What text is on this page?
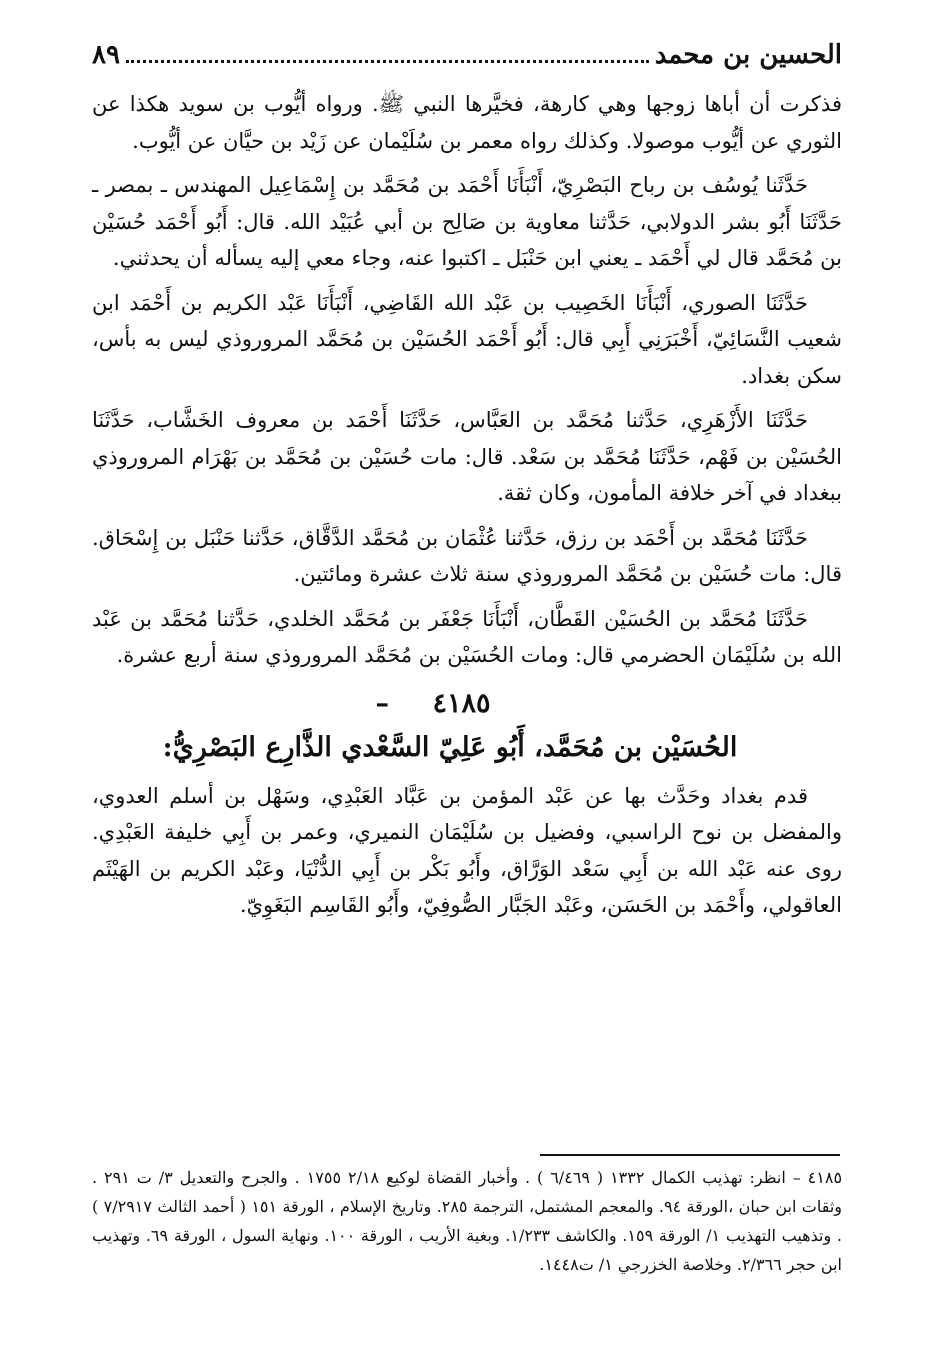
الحسين بن محمد
٨٩

فذكرت أن أباها زوجها وهي كارهة، فخيَّرها النبي ﷺ. ورواه أيُّوب بن سويد هكذا عن الثوري عن أيُّوب موصولا. وكذلك رواه معمر بن سُلَيْمان عن زَيْد بن حيَّان عن أيُّوب.

حَدَّثَنا يُوسُف بن رباح البَصْرِيّ، أَنْبَأَنَا أَحْمَد بن مُحَمَّد بن إِسْمَاعِيل المهندس ـ بمصر ـ حَدَّثَنَا أَبُو بشر الدولابي، حَدَّثنا معاوية بن صَالِح بن أبي عُبَيْد الله. قال: أَبُو أَحْمَد حُسَيْن بن مُحَمَّد قال لي أَحْمَد ـ يعني ابن حَنْبَل ـ اكتبوا عنه، وجاء معي إليه يسأله أن يحدثني.

حَدَّثَنَا الصوري، أَنْبَأَنَا الخَصِيب بن عَبْد الله القَاضِي، أَنْبَأَنَا عَبْد الكريم بن أَحْمَد ابن شعيب النَّسَائِيّ، أَخْبَرَنِي أَبِي قال: أَبُو أَحْمَد الحُسَيْن بن مُحَمَّد المروروذي ليس به بأس، سكن بغداد.

حَدَّثَنَا الأَزْهَرِي، حَدَّثنا مُحَمَّد بن العَبَّاس، حَدَّثَنَا أَحْمَد بن معروف الخَشَّاب، حَدَّثَنَا الحُسَيْن بن فَهْم، حَدَّثَنَا مُحَمَّد بن سَعْد. قال: مات حُسَيْن بن مُحَمَّد بن بَهْرَام المروروذي ببغداد في آخر خلافة المأمون، وكان ثقة.

حَدَّثَنَا مُحَمَّد بن أَحْمَد بن رزق، حَدَّثنا عُثْمَان بن مُحَمَّد الدَّقَّاق، حَدَّثنا حَنْبَل بن إِسْحَاق. قال: مات حُسَيْن بن مُحَمَّد المروروذي سنة ثلاث عشرة ومائتين.

حَدَّثَنَا مُحَمَّد بن الحُسَيْن القَطَّان، أَنْبَأَنَا جَعْفَر بن مُحَمَّد الخلدي، حَدَّثنا مُحَمَّد بن عَبْد الله بن سُلَيْمَان الحضرمي قال: ومات الحُسَيْن بن مُحَمَّد المروروذي سنة أربع عشرة.

٤١٨٥ – الحُسَيْن بن مُحَمَّد، أَبُو عَلِيّ السَّعْدي الذَّارِع البَصْرِيُّ:

قدم بغداد وحَدَّث بها عن عَبْد المؤمن بن عَبَّاد العَبْدِي، وسَهْل بن أسلم العدوي، والمفضل بن نوح الراسبي، وفضيل بن سُلَيْمَان النميري، وعمر بن أَبِي خليفة العَبْدِي. روى عنه عَبْد الله بن أَبِي سَعْد الوَرَّاق، وأَبُو بَكْر بن أَبِي الدُّنْيَا، وعَبْد الكريم بن الهَيْثَم العاقولي، وأَحْمَد بن الحَسَن، وعَبْد الجَبَّار الصُّوفِيّ، وأَبُو القَاسِم البَغَوِيّ.

٤١٨٥ – انظر: تهذيب الكمال ١٣٣٢ ( ٦/٤٦٩ ) . وأخبار القضاة لوكيع ٢/١٨ ١٧٥٥ . والجرح والتعديل ٣/ ت ٢٩١ . وثقات ابن حبان ،الورقة ٩٤. والمعجم المشتمل، الترجمة ٢٨٥. وتاريخ الإسلام ، الورقة ١٥١ ( أحمد الثالث ٧/٢٩١٧ ) . وتذهيب التهذيب ١/ الورقة ١٥٩. والكاشف ١/٢٣٣. وبغية الأريب ، الورقة ١٠٠. ونهاية السول ، الورقة ٦٩. وتهذيب ابن حجر ٢/٣٦٦. وخلاصة الخزرجي ١/ ت١٤٤٨.
